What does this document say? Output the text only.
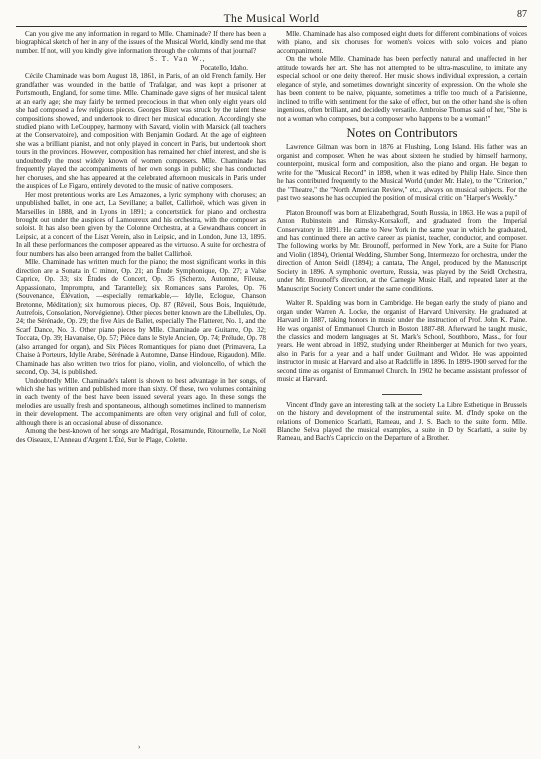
The Musical World	87

Can you give me any information in regard to Mlle. Chaminade? If there has been a biographical sketch of her in any of the issues of the Musical World, kindly send me that number. If not, will you kindly give information through the columns of that journal?

S. T. Van W.,

Pocatello, Idaho.

Cécile Chaminade was born August 18, 1861, in Paris, of an old French family. Her grandfather was wounded in the battle of Trafalgar, and was kept a prisoner at Portsmouth, England, for some time. Mlle. Chaminade gave signs of her musical talent at an early age; she may fairly be termed precocious in that when only eight years old she had composed a few religious pieces. Georges Bizet was struck by the talent these compositions showed, and undertook to direct her musical education. Accordingly she studied piano with LeCouppey, harmony with Savard, violin with Marsick (all teachers at the Conservatoire), and composition with Benjamin Godard. At the age of eighteen she was a brilliant pianist, and not only played in concert in Paris, but undertook short tours in the provinces. However, composition has remained her chief interest, and she is undoubtedly the most widely known of women composers. Mlle. Chaminade has frequently played the accompaniments of her own songs in public; she has conducted her choruses, and she has appeared at the celebrated afternoon musicals in Paris under the auspices of Le Figaro, entirely devoted to the music of native composers.

Her most pretentious works are Les Amazones, a lyric symphony with choruses; an unpublished ballet, in one act, La Sevillane; a ballet, Callirhoë, which was given in Marseilles in 1888, and in Lyons in 1891; a concertstück for piano and orchestra brought out under the auspices of Lamoureux and his orchestra, with the composer as soloist. It has also been given by the Colonne Orchestra, at a Gewandhaus concert in Leipsic, at a concert of the Liszt Verein, also in Leipsic, and in London, June 13, 1895. In all these performances the composer appeared as the virtuoso. A suite for orchestra of four numbers has also been arranged from the ballet Callirhoë.

Mlle. Chaminade has written much for the piano; the most significant works in this direction are a Sonata in C minor, Op. 21; an Étude Symphonique, Op. 27; a Valse Caprice, Op. 33; six Études de Concert, Op. 35 (Scherzo, Automne, Fileuse, Appassionato, Impromptu, and Tarantelle); six Romances sans Paroles, Op. 76 (Souvenance, Élévation, —especially remarkable,— Idylle, Eclogue, Chanson Bretonne, Méditation); six humorous pieces, Op. 87 (Rêveil, Sous Bois, Inquiétude, Autrefois, Consolation, Norvégienne). Other pieces better known are the Libellules, Op. 24; the Sérénade, Op. 29; the five Airs de Ballet, especially The Flatterer, No. 1, and the Scarf Dance, No. 3. Other piano pieces by Mlle. Chaminade are Guitarre, Op. 32; Toccata, Op. 39; Havanaise, Op. 57; Pièce dans le Style Ancien, Op. 74; Prélude, Op. 78 (also arranged for organ), and Six Pièces Romantiques for piano duet (Primavera, La Chaise à Porteurs, Idylle Arabe, Sérénade à Automne, Danse Hindoue, Rigaudon). Mlle. Chaminade has also written two trios for piano, violin, and violoncello, of which the second, Op. 34, is published.

Undoubtedly Mlle. Chaminade's talent is shown to best advantage in her songs, of which she has written and published more than sixty. Of these, two volumes containing in each twenty of the best have been issued several years ago. In these songs the melodies are usually fresh and spontaneous, although sometimes inclined to mannerism in their development. The accompaniments are often very original and full of color, although there is an occasional abuse of dissonance.

Among the best-known of her songs are Madrigal, Rosamunde, Ritournelle, Le Noël des Oiseaux, L'Anneau d'Argent L'Été, Sur le Plage, Colette.

Mlle. Chaminade has also composed eight duets for different combinations of voices with piano, and six choruses for women's voices with solo voices and piano accompaniment.

On the whole Mlle. Chaminade has been perfectly natural and unaffected in her attitude towards her art. She has not attempted to be ultra-masculine, to imitate any especial school or one deity thereof. Her music shows individual expression, a certain elegance of style, and sometimes downright sincerity of expression. On the whole she has been content to be naive, piquante, sometimes a trifle too much of a Parisienne, inclined to trifle with sentiment for the sake of effect, but on the other hand she is often ingenious, often brilliant, and decidedly versatile. Ambroise Thomas said of her, "She is not a woman who composes, but a composer who happens to be a woman!"

Notes on Contributors

Lawrence Gilman was born in 1876 at Flushing, Long Island. His father was an organist and composer. When he was about sixteen he studied by himself harmony, counterpoint, musical form and composition, also the piano and organ. He began to write for the "Musical Record" in 1898, when it was edited by Philip Hale. Since then he has contributed frequently to the Musical World (under Mr. Hale), to the "Criterion," the "Theatre," the "North American Review," etc., always on musical subjects. For the past two seasons he has occupied the position of musical critic on "Harper's Weekly."

Platon Brounoff was born at Elizabethgrad, South Russia, in 1863. He was a pupil of Anton Rubinstein and Rimsky-Korsakoff, and graduated from the Imperial Conservatory in 1891. He came to New York in the same year in which he graduated, and has continued there an active career as pianist, teacher, conductor, and composer. The following works by Mr. Brounoff, performed in New York, are a Suite for Piano and Violin (1894), Oriental Wedding, Slumber Song, Intermezzo for orchestra, under the direction of Anton Seidl (1894); a cantata, The Angel, produced by the Manuscript Society in 1896. A symphonic overture, Russia, was played by the Seidl Orchestra, under Mr. Brounoff's direction, at the Carnegie Music Hall, and repeated later at the Manuscript Society Concert under the same conditions.

Walter R. Spalding was born in Cambridge. He began early the study of piano and organ under Warren A. Locke, the organist of Harvard University. He graduated at Harvard in 1887, taking honors in music under the instruction of Prof. John K. Paine. He was organist of Emmanuel Church in Boston 1887-88. Afterward he taught music, the classics and modern languages at St. Mark's School, Southboro, Mass., for four years. He went abroad in 1892, studying under Rheinberger at Munich for two years, also in Paris for a year and a half under Guilmant and Widor. He was appointed instructor in music at Harvard and also at Radcliffe in 1896. In 1899-1900 served for the second time as organist of Emmanuel Church. In 1902 he became assistant professor of music at Harvard.

Vincent d'Indy gave an interesting talk at the society La Libre Esthetique in Brussels on the history and development of the instrumental suite. M. d'Indy spoke on the relations of Domenico Scarlatti, Rameau, and J. S. Bach to the suite form. Mlle. Blanche Selva played the musical examples, a suite in D by Scarlatti, a suite by Rameau, and Bach's Capriccio on the Departure of a Brother.

›
